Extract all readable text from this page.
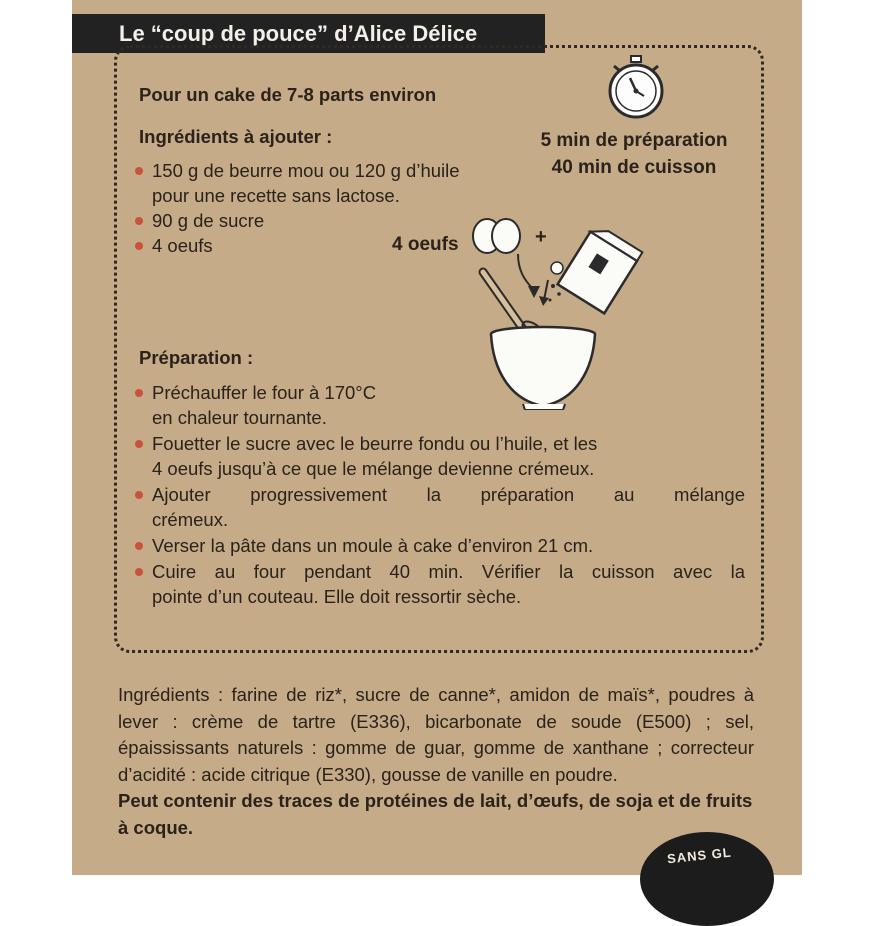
Le “coup de pouce” d’Alice Délice
Pour un cake de 7-8 parts environ
5 min de préparation
40 min de cuisson
Ingrédients à ajouter :
150 g de beurre mou ou 120 g d’huile
pour une recette sans lactose.
90 g de sucre
4 oeufs	4 oeufs	+
Préparation :
Préchauffer le four à 170°C
en chaleur tournante.
Fouetter le sucre avec le beurre fondu ou l’huile, et les
4 oeufs jusqu’à ce que le mélange devienne crémeux.
Ajouter progressivement la préparation au mélange
crémeux.
Verser la pâte dans un moule à cake d’environ 21 cm.
Cuire au four pendant 40 min. Vérifier la cuisson avec la
pointe d’un couteau. Elle doit ressortir sèche.

Ingrédients : farine de riz*, sucre de canne*, amidon de maïs*, poudres à lever : crème de tartre (E336), bicarbonate de soude (E500) ; sel, épaississants naturels : gomme de guar, gomme de xanthane ; correcteur d’acidité : acide citrique (E330), gousse de vanille en poudre.

Peut contenir des traces de protéines de lait, d’œufs, de soja et de fruits à coque.

SANS GL
